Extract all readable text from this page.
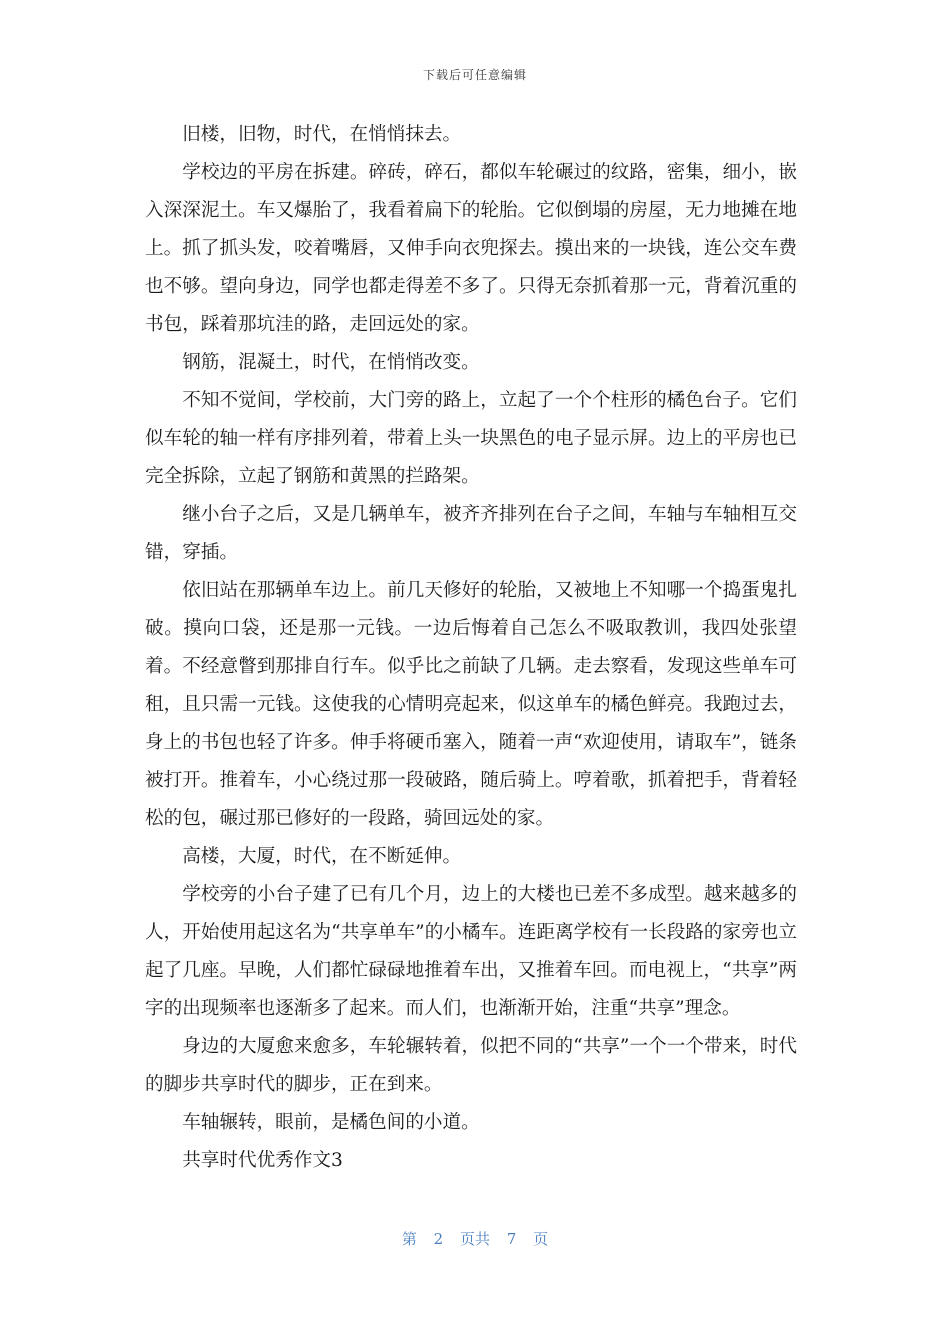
下载后可任意编辑

旧楼，旧物，时代，在悄悄抹去。

学校边的平房在拆建。碎砖，碎石，都似车轮碾过的纹路，密集，细小，嵌入深深泥土。车又爆胎了，我看着扁下的轮胎。它似倒塌的房屋，无力地摊在地上。抓了抓头发，咬着嘴唇，又伸手向衣兜探去。摸出来的一块钱，连公交车费也不够。望向身边，同学也都走得差不多了。只得无奈抓着那一元，背着沉重的书包，踩着那坑洼的路，走回远处的家。

钢筋，混凝土，时代，在悄悄改变。

不知不觉间，学校前，大门旁的路上，立起了一个个柱形的橘色台子。它们似车轮的轴一样有序排列着，带着上头一块黑色的电子显示屏。边上的平房也已完全拆除，立起了钢筋和黄黑的拦路架。

继小台子之后，又是几辆单车，被齐齐排列在台子之间，车轴与车轴相互交错，穿插。

依旧站在那辆单车边上。前几天修好的轮胎，又被地上不知哪一个捣蛋鬼扎破。摸向口袋，还是那一元钱。一边后悔着自己怎么不吸取教训，我四处张望着。不经意瞥到那排自行车。似乎比之前缺了几辆。走去察看，发现这些单车可租，且只需一元钱。这使我的心情明亮起来，似这单车的橘色鲜亮。我跑过去，身上的书包也轻了许多。伸手将硬币塞入，随着一声“欢迎使用，请取车”，链条被打开。推着车，小心绕过那一段破路，随后骑上。哼着歌，抓着把手，背着轻松的包，碾过那已修好的一段路，骑回远处的家。

高楼，大厦，时代，在不断延伸。

学校旁的小台子建了已有几个月，边上的大楼也已差不多成型。越来越多的人，开始使用起这名为“共享单车”的小橘车。连距离学校有一长段路的家旁也立起了几座。早晚，人们都忙碌碌地推着车出，又推着车回。而电视上，“共享”两字的出现频率也逐渐多了起来。而人们，也渐渐开始，注重“共享”理念。

身边的大厦愈来愈多，车轮辗转着，似把不同的“共享”一个一个带来，时代的脚步共享时代的脚步，正在到来。

车轴辗转，眼前，是橘色间的小道。

共享时代优秀作文3

第 2 页共 7 页
